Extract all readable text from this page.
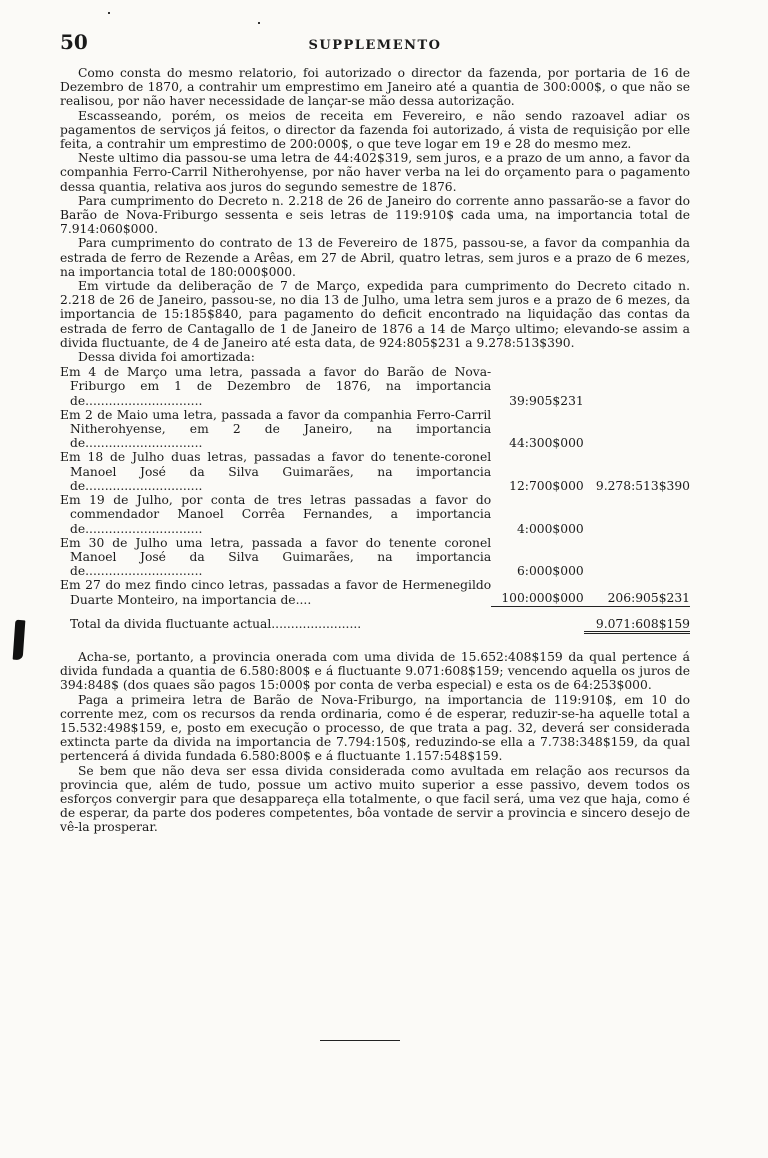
50	SUPPLEMENTO

Como consta do mesmo relatorio, foi autorizado o director da fazenda, por portaria de 16 de Dezembro de 1870, a contrahir um emprestimo em Janeiro até a quantia de 300:000$, o que não se realisou, por não haver necessidade de lançar-se mão dessa autorização.

Escasseando, porém, os meios de receita em Fevereiro, e não sendo razoavel adiar os pagamentos de serviços já feitos, o director da fazenda foi autorizado, á vista de requisição por elle feita, a contrahir um emprestimo de 200:000$, o que teve logar em 19 e 28 do mesmo mez.

Neste ultimo dia passou-se uma letra de 44:402$319, sem juros, e a prazo de um anno, a favor da companhia Ferro-Carril Nitherohyense, por não haver verba na lei do orçamento para o pagamento dessa quantia, relativa aos juros do segundo semestre de 1876.

Para cumprimento do Decreto n. 2.218 de 26 de Janeiro do corrente anno passarão-se a favor do Barão de Nova-Friburgo sessenta e seis letras de 119:910$ cada uma, na importancia total de 7.914:060$000.

Para cumprimento do contrato de 13 de Fevereiro de 1875, passou-se, a favor da companhia da estrada de ferro de Rezende a Arêas, em 27 de Abril, quatro letras, sem juros e a prazo de 6 mezes, na importancia total de 180:000$000.

Em virtude da deliberação de 7 de Março, expedida para cumprimento do Decreto citado n. 2.218 de 26 de Janeiro, passou-se, no dia 13 de Julho, uma letra sem juros e a prazo de 6 mezes, da importancia de 15:185$840, para pagamento do deficit encontrado na liquidação das contas da estrada de ferro de Cantagallo de 1 de Janeiro de 1876 a 14 de Março ultimo; elevando-se assim a divida fluctuante, de 4 de Janeiro até esta data, de 924:805$231 a 9.278:513$390.

Dessa divida foi amortizada:

Em 4 de Março uma letra, passada a favor do Barão de Nova-Friburgo em 1 de Dezembro de 1876, na importancia de..............................	39:905$231
Em 2 de Maio uma letra, passada a favor da companhia Ferro-Carril Nitherohyense, em 2 de Janeiro, na importancia de..............................	44:300$000
Em 18 de Julho duas letras, passadas a favor do tenente-coronel Manoel José da Silva Guimarães, na importancia de..............................	12:700$000 9.278:513$390
Em 19 de Julho, por conta de tres letras passadas a favor do commendador Manoel Corrêa Fernandes, a importancia de..............................	4:000$000
Em 30 de Julho uma letra, passada a favor do tenente coronel Manoel José da Silva Guimarães, na importancia de..............................	6:000$000
Em 27 do mez findo cinco letras, passadas a favor de Hermenegildo Duarte Monteiro, na importancia de....	100:000$000	206:905$231
Total da divida fluctuante actual.......................	9.071:608$159

Acha-se, portanto, a provincia onerada com uma divida de 15.652:408$159 da qual pertence á divida fundada a quantia de 6.580:800$ e á fluctuante 9.071:608$159; vencendo aquella os juros de 394:848$ (dos quaes são pagos 15:000$ por conta de verba especial) e esta os de 64:253$000.

Paga a primeira letra de Barão de Nova-Friburgo, na importancia de 119:910$, em 10 do corrente mez, com os recursos da renda ordinaria, como é de esperar, reduzir-se-ha aquelle total a 15.532:498$159, e, posto em execução o processo, de que trata a pag. 32, deverá ser considerada extincta parte da divida na importancia de 7.794:150$, reduzindo-se ella a 7.738:348$159, da qual pertencerá á divida fundada 6.580:800$ e á fluctuante 1.157:548$159.

Se bem que não deva ser essa divida considerada como avultada em relação aos recursos da provincia que, além de tudo, possue um activo muito superior a esse passivo, devem todos os esforços convergir para que desappareça ella totalmente, o que facil será, uma vez que haja, como é de esperar, da parte dos poderes competentes, bôa vontade de servir a provincia e sincero desejo de vê-la prosperar.
